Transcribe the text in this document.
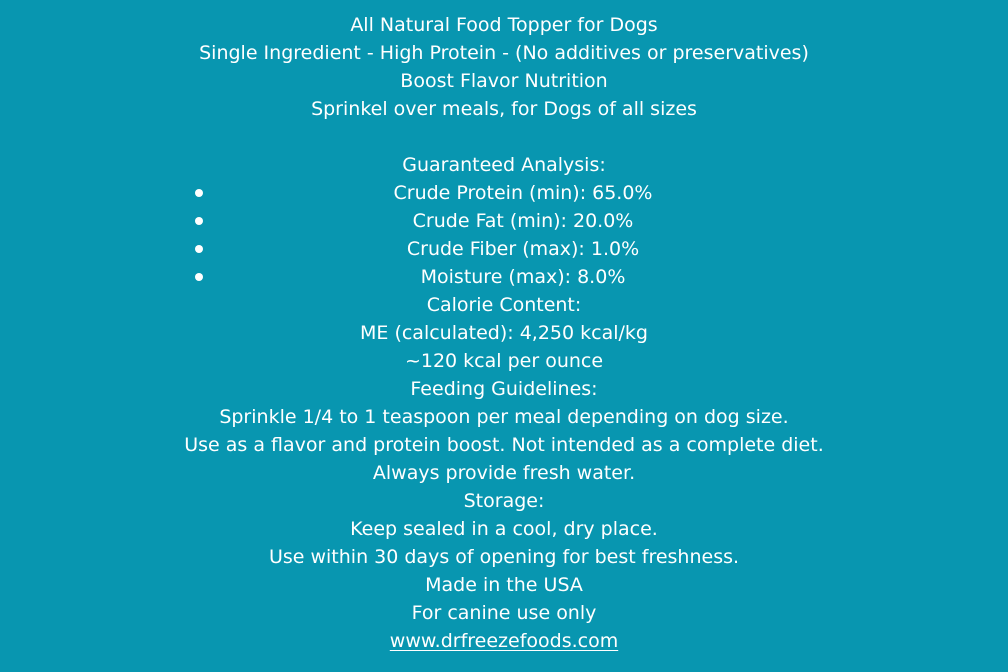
All Natural Food Topper for Dogs
Single Ingredient - High Protein - (No additives or preservatives)
Boost Flavor Nutrition
Sprinkel over meals, for Dogs of all sizes
Guaranteed Analysis:
Crude Protein (min): 65.0%
Crude Fat (min): 20.0%
Crude Fiber (max): 1.0%
Moisture (max): 8.0%
Calorie Content:
ME (calculated): 4,250 kcal/kg
~120 kcal per ounce
Feeding Guidelines:
Sprinkle 1/4 to 1 teaspoon per meal depending on dog size.
Use as a flavor and protein boost. Not intended as a complete diet.
Always provide fresh water.
Storage:
Keep sealed in a cool, dry place.
Use within 30 days of opening for best freshness.
Made in the USA
For canine use only
www.drfreezefoods.com
